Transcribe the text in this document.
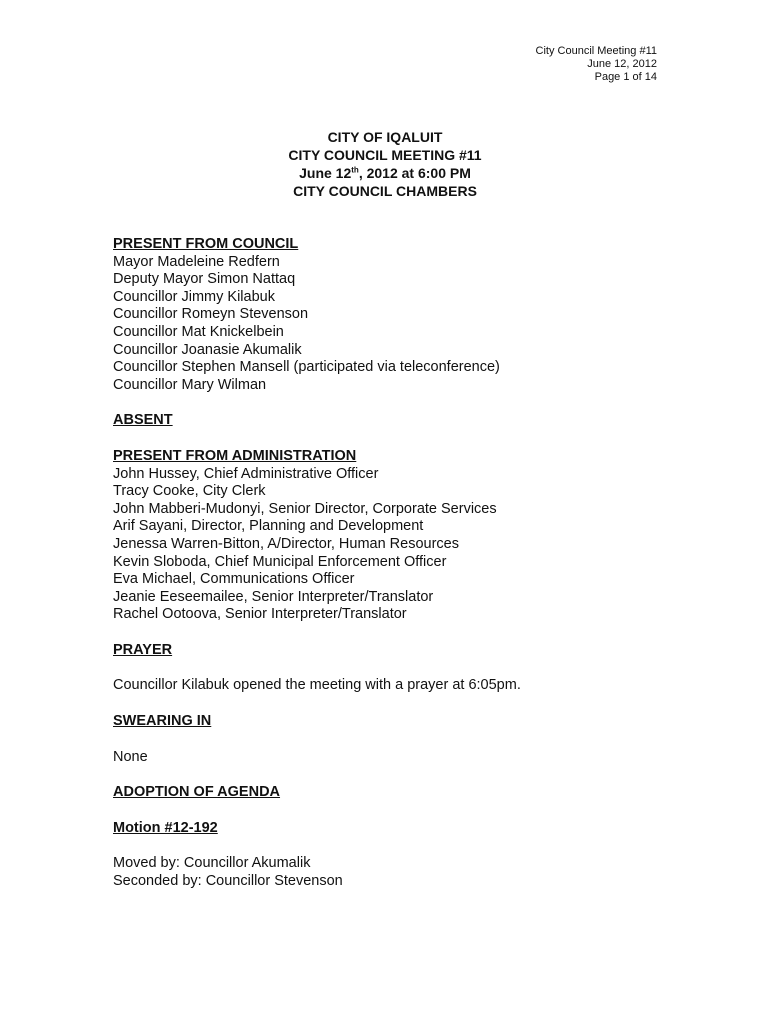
City Council Meeting #11
June 12, 2012
Page 1 of 14
CITY OF IQALUIT
CITY COUNCIL MEETING #11
June 12th, 2012 at 6:00 PM
CITY COUNCIL CHAMBERS

PRESENT FROM COUNCIL

Mayor Madeleine Redfern

Deputy Mayor Simon Nattaq

Councillor Jimmy Kilabuk

Councillor Romeyn Stevenson

Councillor Mat Knickelbein

Councillor Joanasie Akumalik

Councillor Stephen Mansell (participated via teleconference)

Councillor Mary Wilman

ABSENT

PRESENT FROM ADMINISTRATION

John Hussey, Chief Administrative Officer

Tracy Cooke, City Clerk

John Mabberi-Mudonyi, Senior Director, Corporate Services

Arif Sayani, Director, Planning and Development

Jenessa Warren-Bitton, A/Director, Human Resources

Kevin Sloboda, Chief Municipal Enforcement Officer

Eva Michael, Communications Officer

Jeanie Eeseemailee, Senior Interpreter/Translator

Rachel Ootoova, Senior Interpreter/Translator

PRAYER

Councillor Kilabuk opened the meeting with a prayer at 6:05pm.

SWEARING IN

None

ADOPTION OF AGENDA

Motion #12-192

Moved by: Councillor Akumalik

Seconded by: Councillor Stevenson
